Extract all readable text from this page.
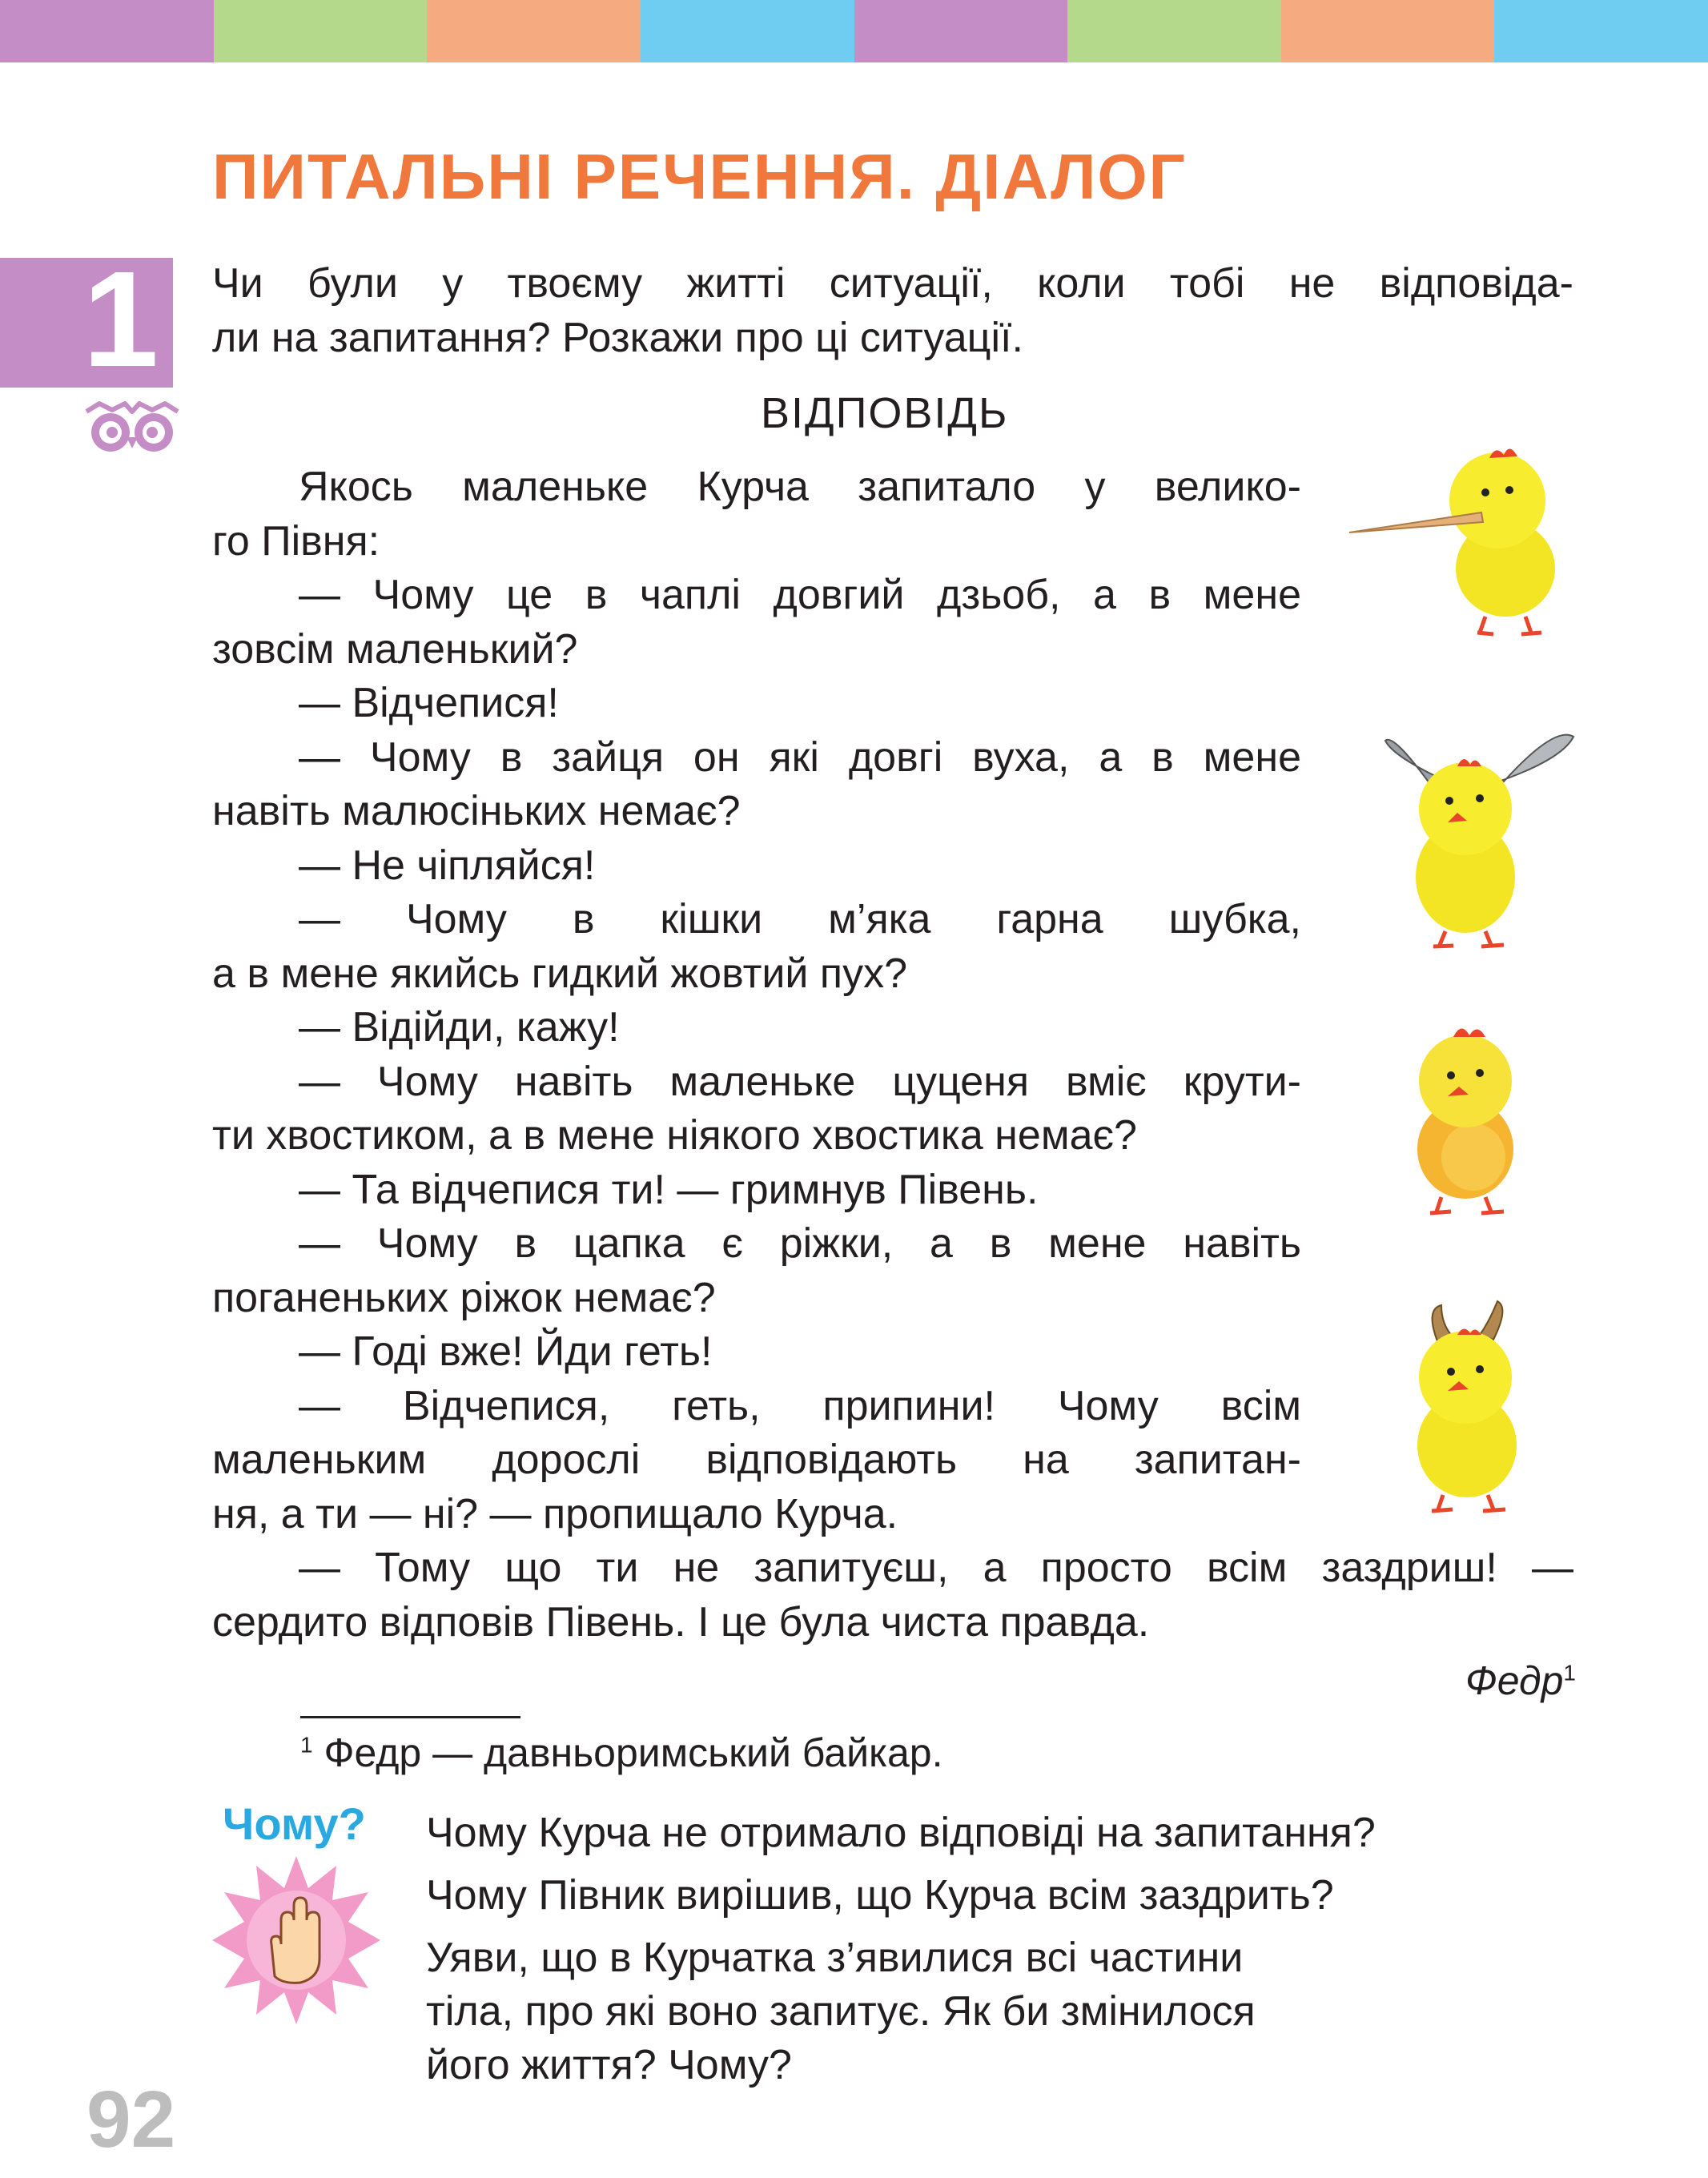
ПИТАЛЬНІ РЕЧЕННЯ. ДІАЛОГ
1 Чи були у твоєму житті ситуації, коли тобі не відповіда-

ли на запитання? Розкажи про ці ситуації.

ВІДПОВІДЬ

Якось маленьке Курча запитало у велико-

го Півня:

— Чому це в чаплі довгий дзьоб, а в мене

зовсім маленький?

— Відчепися!

— Чому в зайця он які довгі вуха, а в мене

навіть малюсіньких немає?

— Не чіпляйся!

— Чому в кішки м’яка гарна шубка,

а в мене якийсь гидкий жовтий пух?

— Відійди, кажу!

— Чому навіть маленьке цуценя вміє крути-

ти хвостиком, а в мене ніякого хвостика немає?

— Та відчепися ти! — гримнув Півень.

— Чому в цапка є ріжки, а в мене навіть

поганеньких ріжок немає?

— Годі вже! Йди геть!

— Відчепися, геть, припини! Чому всім

маленьким дорослі відповідають на запитан-

ня, а ти — ні? — пропищало Курча.

— Тому що ти не запитуєш, а просто всім заздриш! —

сердито відповів Півень. І це була чиста правда.

Федр$^1$
$^1$ Федр — давньоримський байкар.
Чому? Чому Курча не отримало відповіді на запитання?

Чому Півник вирішив, що Курча всім заздрить?

Уяви, що в Курчатка з’явилися всі частини
тіла, про які воно запитує. Як би змінилося
його життя? Чому?
92
